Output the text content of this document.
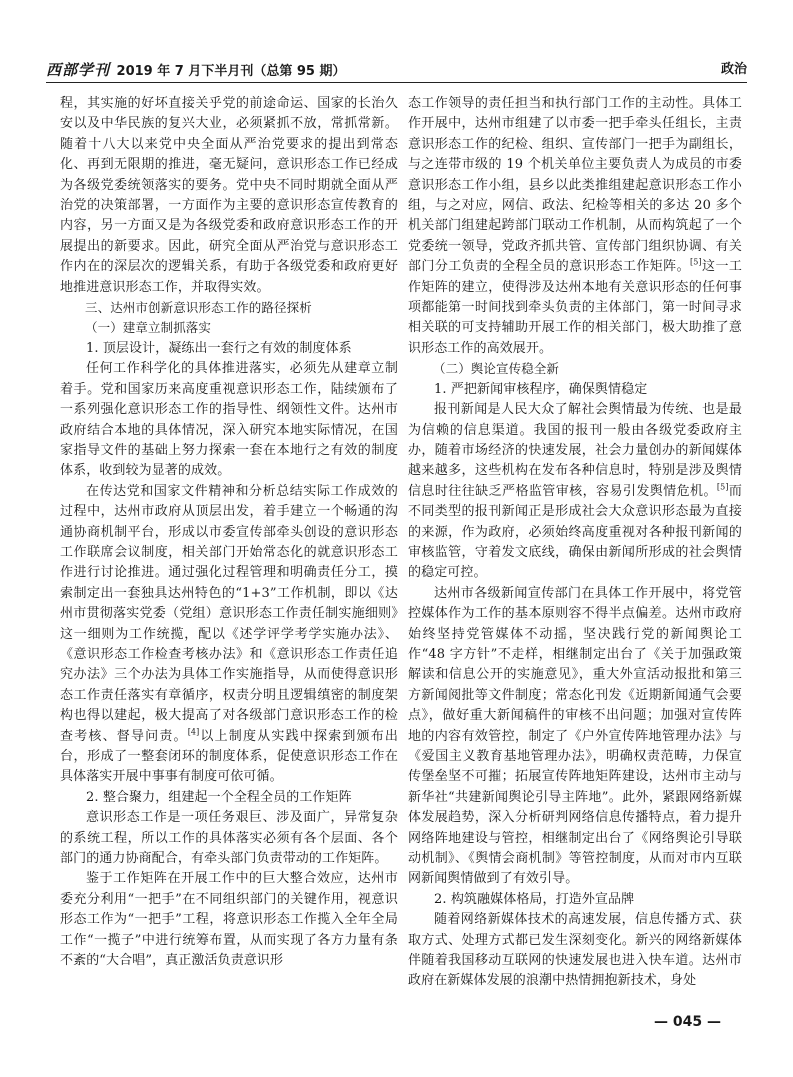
西部学刊 2019 年 7 月下半月刊（总第 95 期）	政治

程，其实施的好坏直接关乎党的前途命运、国家的长治久安以及中华民族的复兴大业，必须紧抓不放，常抓常新。随着十八大以来党中央全面从严治党要求的提出到常态化、再到无限期的推进，毫无疑问，意识形态工作已经成为各级党委统领落实的要务。党中央不同时期就全面从严治党的决策部署，一方面作为主要的意识形态宣传教育的内容，另一方面又是为各级党委和政府意识形态工作的开展提出的新要求。因此，研究全面从严治党与意识形态工作内在的深层次的逻辑关系，有助于各级党委和政府更好地推进意识形态工作，并取得实效。

三、达州市创新意识形态工作的路径探析
（一）建章立制抓落实
1. 顶层设计，凝练出一套行之有效的制度体系

任何工作科学化的具体推进落实，必须先从建章立制着手。党和国家历来高度重视意识形态工作，陆续颁布了一系列强化意识形态工作的指导性、纲领性文件。达州市政府结合本地的具体情况，深入研究本地实际情况，在国家指导文件的基础上努力探索一套在本地行之有效的制度体系，收到较为显著的成效。

在传达党和国家文件精神和分析总结实际工作成效的过程中，达州市政府从顶层出发，着手建立一个畅通的沟通协商机制平台，形成以市委宣传部牵头创设的意识形态工作联席会议制度，相关部门开始常态化的就意识形态工作进行讨论推进。通过强化过程管理和明确责任分工，摸索制定出一套独具达州特色的“1+3”工作机制，即以《达州市贯彻落实党委（党组）意识形态工作责任制实施细则》这一细则为工作统揽，配以《述学评学考学实施办法》、《意识形态工作检查考核办法》和《意识形态工作责任追究办法》三个办法为具体工作实施指导，从而使得意识形态工作责任落实有章循序，权责分明且逻辑缜密的制度架构也得以建起，极大提高了对各级部门意识形态工作的检查考核、督导问责。[4]以上制度从实践中探索到颁布出台，形成了一整套闭环的制度体系，促使意识形态工作在具体落实开展中事事有制度可依可循。

2. 整合聚力，组建起一个全程全员的工作矩阵

意识形态工作是一项任务艰巨、涉及面广，异常复杂的系统工程，所以工作的具体落实必须有各个层面、各个部门的通力协商配合，有牵头部门负责带动的工作矩阵。

鉴于工作矩阵在开展工作中的巨大整合效应，达州市委充分利用“一把手”在不同组织部门的关键作用，视意识形态工作为“一把手”工程，将意识形态工作揽入全年全局工作“一揽子”中进行统筹布置，从而实现了各方力量有条不紊的“大合唱”，真正激活负责意识形

态工作领导的责任担当和执行部门工作的主动性。具体工作开展中，达州市组建了以市委一把手牵头任组长，主责意识形态工作的纪检、组织、宣传部门一把手为副组长，与之连带市级的 19 个机关单位主要负责人为成员的市委意识形态工作小组，县乡以此类推组建起意识形态工作小组，与之对应，网信、政法、纪检等相关的多达 20 多个机关部门组建起跨部门联动工作机制，从而构筑起了一个党委统一领导，党政齐抓共管、宣传部门组织协调、有关部门分工负责的全程全员的意识形态工作矩阵。[5]这一工作矩阵的建立，使得涉及达州本地有关意识形态的任何事项都能第一时间找到牵头负责的主体部门，第一时间寻求相关联的可支持辅助开展工作的相关部门，极大助推了意识形态工作的高效展开。

（二）舆论宣传稳全新
1. 严把新闻审核程序，确保舆情稳定

报刊新闻是人民大众了解社会舆情最为传统、也是最为信赖的信息渠道。我国的报刊一般由各级党委政府主办，随着市场经济的快速发展，社会力量创办的新闻媒体越来越多，这些机构在发布各种信息时，特别是涉及舆情信息时往往缺乏严格监管审核，容易引发舆情危机。[5]而不同类型的报刊新闻正是形成社会大众意识形态最为直接的来源，作为政府，必须始终高度重视对各种报刊新闻的审核监管，守着发文底线，确保由新闻所形成的社会舆情的稳定可控。

达州市各级新闻宣传部门在具体工作开展中，将党管控媒体作为工作的基本原则容不得半点偏差。达州市政府始终坚持党管媒体不动摇，坚决践行党的新闻舆论工作“48 字方针”不走样，相继制定出台了《关于加强政策解读和信息公开的实施意见》，重大外宣活动报批和第三方新闻阅批等文件制度；常态化刊发《近期新闻通气会要点》，做好重大新闻稿件的审核不出问题；加强对宣传阵地的内容有效管控，制定了《户外宣传阵地管理办法》与《爱国主义教育基地管理办法》，明确权责范畴，力保宣传堡垒坚不可摧；拓展宣传阵地矩阵建设，达州市主动与新华社“共建新闻舆论引导主阵地”。此外，紧跟网络新媒体发展趋势，深入分析研判网络信息传播特点，着力提升网络阵地建设与管控，相继制定出台了《网络舆论引导联动机制》、《舆情会商机制》等管控制度，从而对市内互联网新闻舆情做到了有效引导。

2. 构筑融媒体格局，打造外宣品牌

随着网络新媒体技术的高速发展，信息传播方式、获取方式、处理方式都已发生深刻变化。新兴的网络新媒体伴随着我国移动互联网的快速发展也进入快车道。达州市政府在新媒体发展的浪潮中热情拥抱新技术，身处

— 045 —
